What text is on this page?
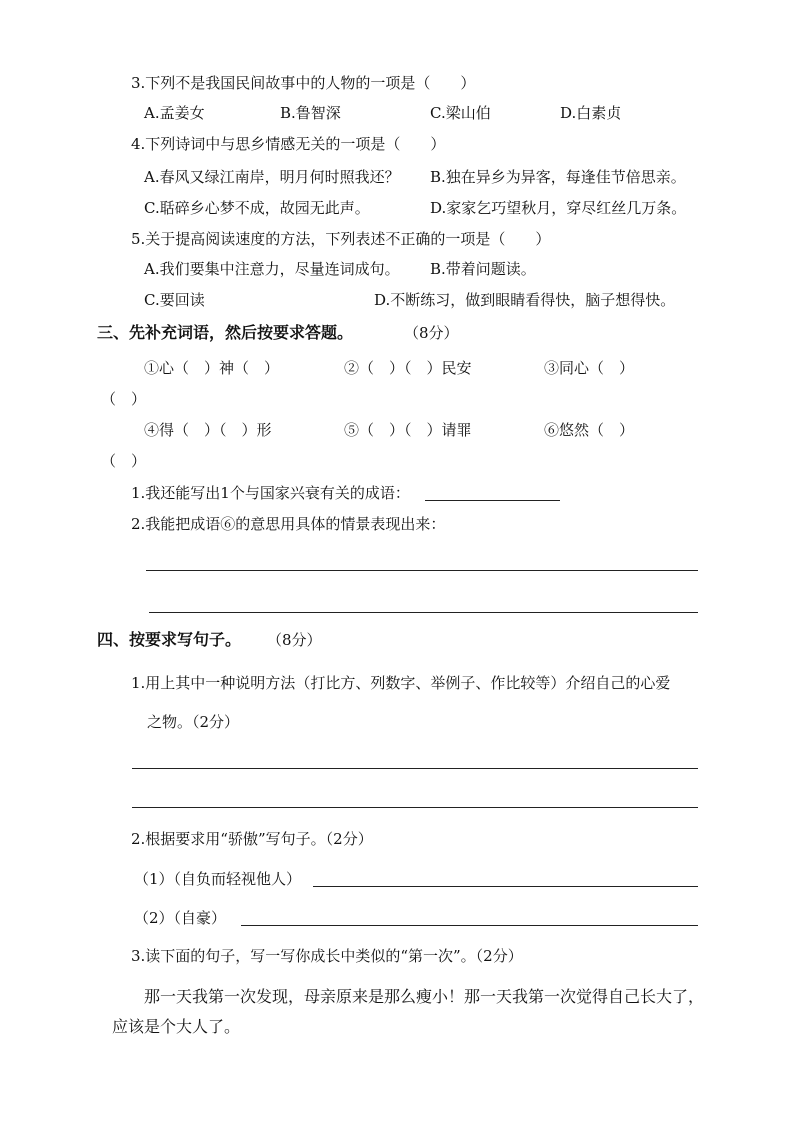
3.下列不是我国民间故事中的人物的一项是（　　）
A.孟姜女	B.鲁智深	C.梁山伯	D.白素贞
4.下列诗词中与思乡情感无关的一项是（　　）
A.春风又绿江南岸，明月何时照我还？ B.独在异乡为异客，每逢佳节倍思亲。
C.聒碎乡心梦不成，故园无此声。	D.家家乞巧望秋月，穿尽红丝几万条。
5.关于提高阅读速度的方法，下列表述不正确的一项是（　　）
A.我们要集中注意力，尽量连词成句。 B.带着问题读。
C.要回读	D.不断练习，做到眼睛看得快，脑子想得快。
三、先补充词语，然后按要求答题。	（8分）
①心（　）神（　）	②（　）（　）民安	③同心（　）
（　）
④得（　）（　）形	⑤（　）（　）请罪	⑥悠然（　）
（　）
1.我还能写出1个与国家兴衰有关的成语：
2.我能把成语⑥的意思用具体的情景表现出来：
四、按要求写句子。 （8分）
1.用上其中一种说明方法（打比方、列数字、举例子、作比较等）介绍自己的心爱
之物。（2分）
2.根据要求用“骄傲”写句子。（2分）
（1）（自负而轻视他人）
（2）（自豪）
3.读下面的句子，写一写你成长中类似的“第一次”。（2分）
那一天我第一次发现，母亲原来是那么瘦小！那一天我第一次觉得自己长大了，
应该是个大人了。
